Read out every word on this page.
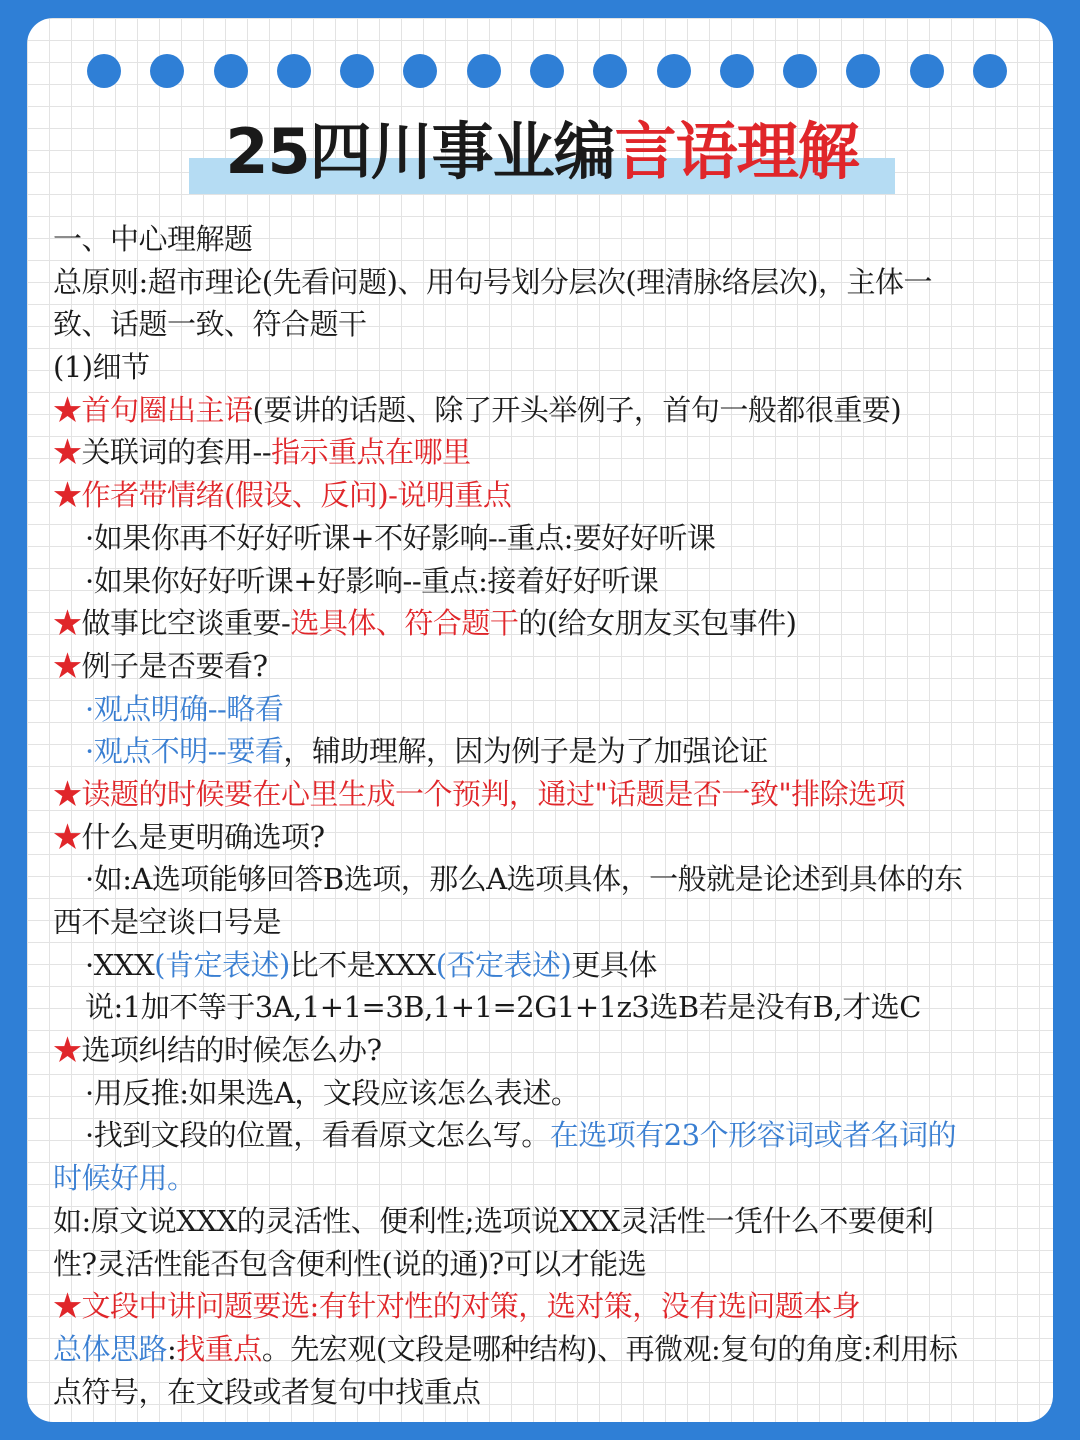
25四川事业编言语理解
一、中心理解题
总原则:超市理论(先看问题)、用句号划分层次(理清脉络层次)，主体一
致、话题一致、符合题干
(1)细节
★首句圈出主语(要讲的话题、除了开头举例子，首句一般都很重要)
★关联词的套用--指示重点在哪里
★作者带情绪(假设、反问)-说明重点
·如果你再不好好听课+不好影响--重点:要好好听课
·如果你好好听课+好影响--重点:接着好好听课
★做事比空谈重要-选具体、符合题干的(给女朋友买包事件)
★例子是否要看?
·观点明确--略看
·观点不明--要看，辅助理解，因为例子是为了加强论证
★读题的时候要在心里生成一个预判，通过"话题是否一致"排除选项
★什么是更明确选项?
·如:A选项能够回答B选项，那么A选项具体，一般就是论述到具体的东
西不是空谈口号是
·XXX(肯定表述)比不是XXX(否定表述)更具体
说:1加不等于3A,1+1=3B,1+1=2G1+1z3选B若是没有B,才选C
★选项纠结的时候怎么办?
·用反推:如果选A，文段应该怎么表述。
·找到文段的位置，看看原文怎么写。在选项有23个形容词或者名词的
时候好用。
如:原文说XXX的灵活性、便利性;选项说XXX灵活性一凭什么不要便利
性?灵活性能否包含便利性(说的通)?可以才能选
★文段中讲问题要选:有针对性的对策，选对策，没有选问题本身
总体思路:找重点。先宏观(文段是哪种结构)、再微观:复句的角度:利用标
点符号，在文段或者复句中找重点
